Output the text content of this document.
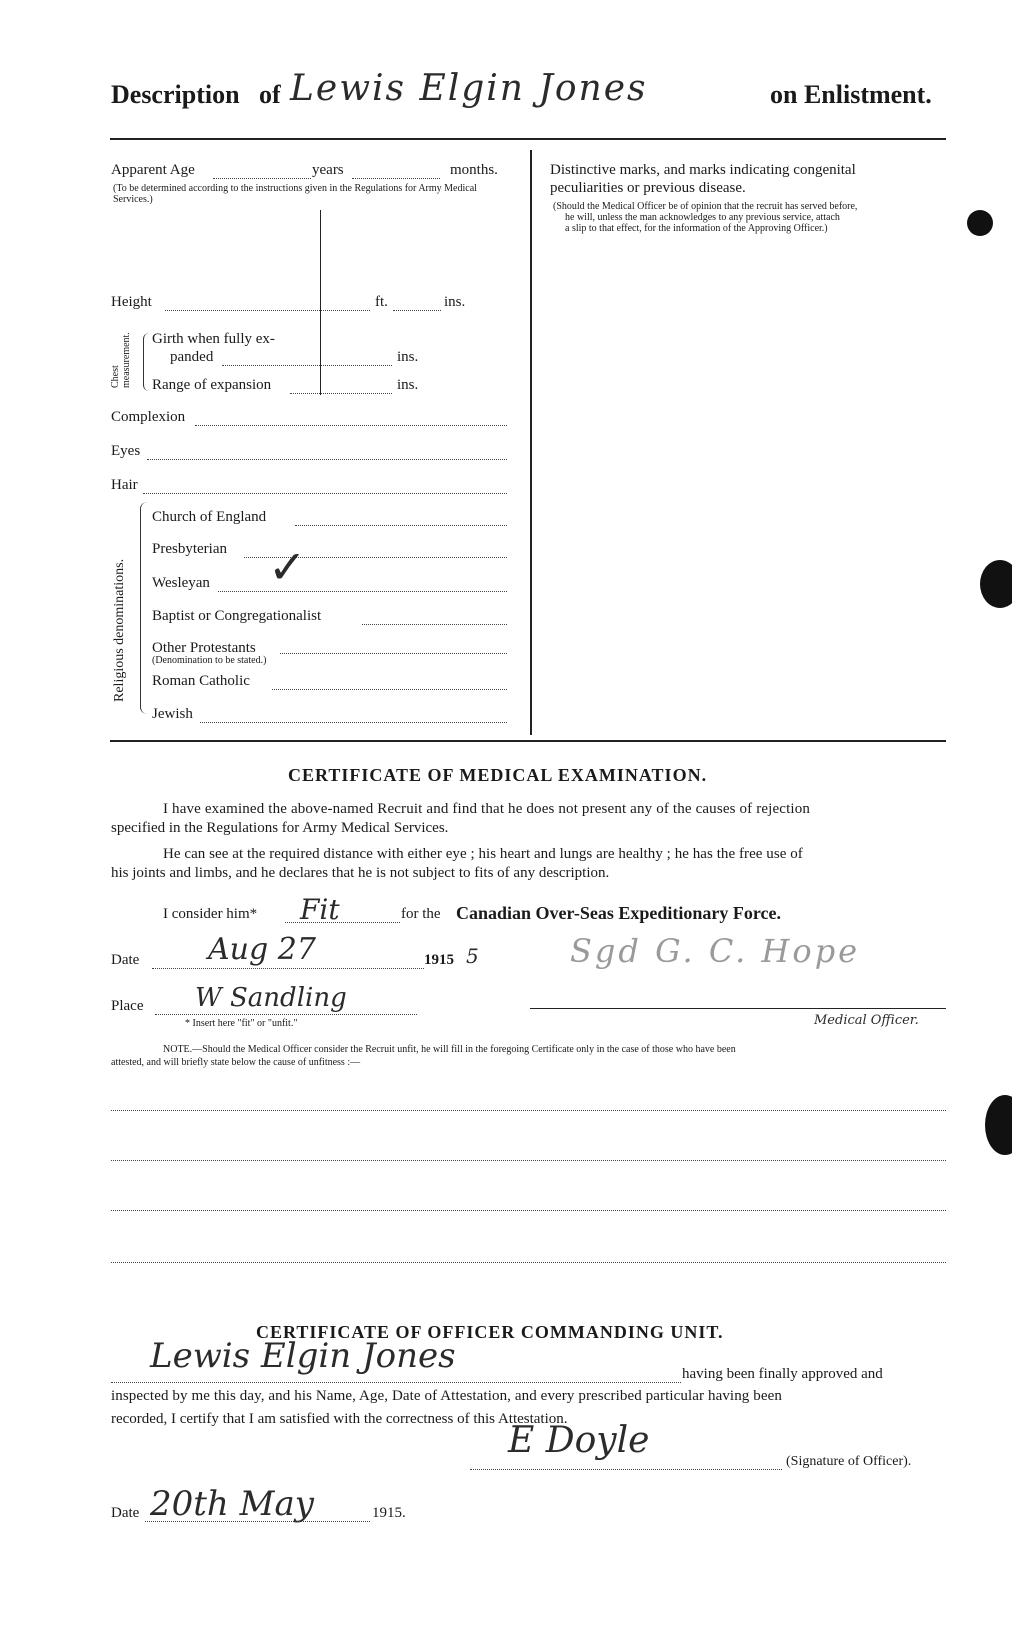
Description of Lewis Elgin Jones	on Enlistment.
Apparent Age	years	months.
(To be determined according to the instructions given in the Regulations for Army Medical Services.)
Height	ft.	ins.
Chest measurement. Girth when fully ex-
panded	ins.
Range of expansion	ins.
Complexion
Eyes
Hair
Religious denominations.
Church of England
Presbyterian
Wesleyan ✓
Baptist or Congregationalist
Other Protestants
(Denomination to be stated.)
Roman Catholic
Jewish
Distinctive marks, and marks indicating congenital
peculiarities or previous disease.
(Should the Medical Officer be of opinion that the recruit has served before,
he will, unless the man acknowledges to any previous service, attach
a slip to that effect, for the information of the Approving Officer.)
CERTIFICATE OF MEDICAL EXAMINATION.
I have examined the above-named Recruit and find that he does not present any of the causes of rejection
specified in the Regulations for Army Medical Services.
He can see at the required distance with either eye ; his heart and lungs are healthy ; he has the free use of
his joints and limbs, and he declares that he is not subject to fits of any description.
I consider him* Fit	for the Canadian Over-Seas Expeditionary Force.
Date Aug 27	1915 5	Sgd G. C. Hope
Place W Sandling
* Insert here "fit" or "unfit."	Medical Officer.
NOTE.—Should the Medical Officer consider the Recruit unfit, he will fill in the foregoing Certificate only in the case of those who have been
attested, and will briefly state below the cause of unfitness :—
CERTIFICATE OF OFFICER COMMANDING UNIT.
Lewis Elgin Jones	having been finally approved and
inspected by me this day, and his Name, Age, Date of Attestation, and every prescribed particular having been
recorded, I certify that I am satisfied with the correctness of this Attestation.
E Doyle
(Signature of Officer).
Date 20th May	1915.
